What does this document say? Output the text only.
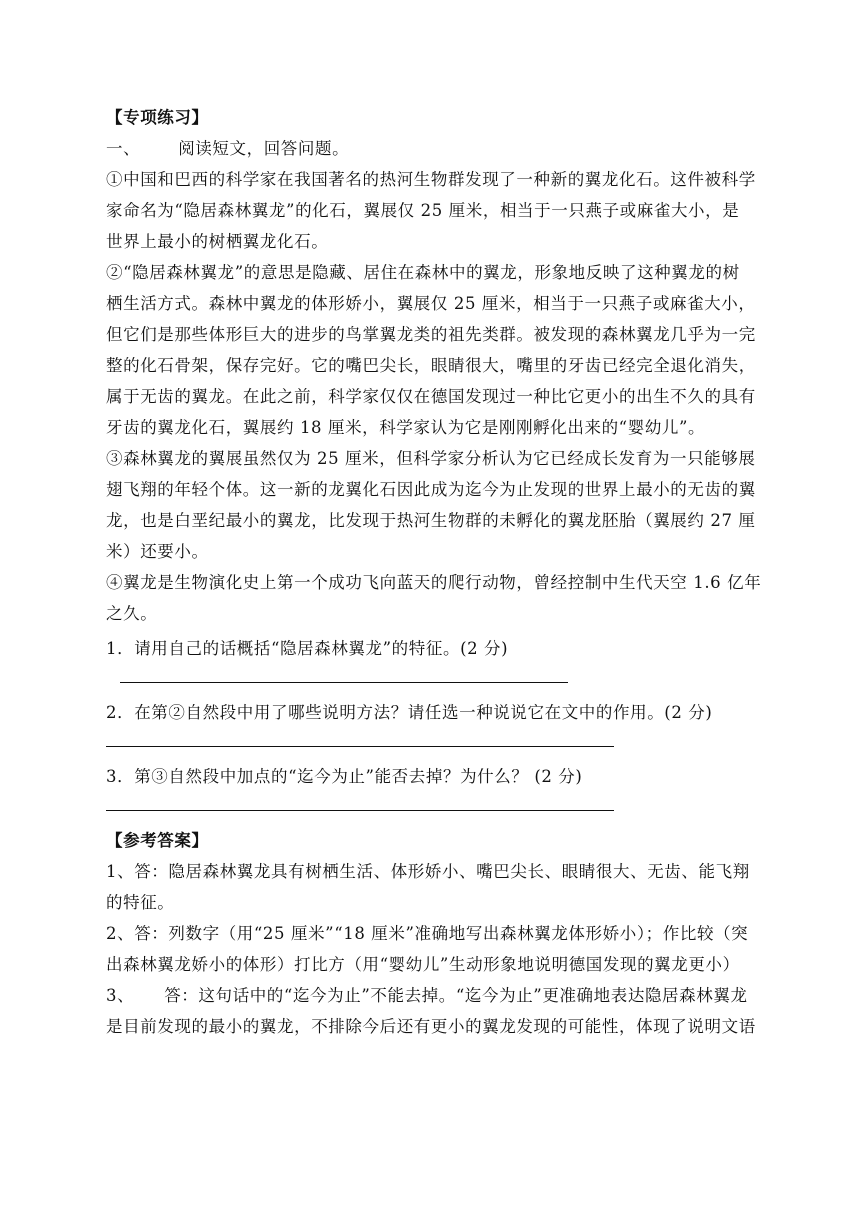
【专项练习】
一、 阅读短文，回答问题。
①中国和巴西的科学家在我国著名的热河生物群发现了一种新的翼龙化石。这件被科学
家命名为“隐居森林翼龙”的化石，翼展仅 25 厘米，相当于一只燕子或麻雀大小，是
世界上最小的树栖翼龙化石。
②“隐居森林翼龙”的意思是隐藏、居住在森林中的翼龙，形象地反映了这种翼龙的树
栖生活方式。森林中翼龙的体形娇小，翼展仅 25 厘米，相当于一只燕子或麻雀大小，
但它们是那些体形巨大的进步的鸟掌翼龙类的祖先类群。被发现的森林翼龙几乎为一完
整的化石骨架，保存完好。它的嘴巴尖长，眼睛很大，嘴里的牙齿已经完全退化消失，
属于无齿的翼龙。在此之前，科学家仅仅在德国发现过一种比它更小的出生不久的具有
牙齿的翼龙化石，翼展约 18 厘米，科学家认为它是刚刚孵化出来的“婴幼儿”。
③森林翼龙的翼展虽然仅为 25 厘米，但科学家分析认为它已经成长发育为一只能够展
翅飞翔的年轻个体。这一新的龙翼化石因此成为迄今为止发现的世界上最小的无齿的翼
龙，也是白垩纪最小的翼龙，比发现于热河生物群的未孵化的翼龙胚胎（翼展约 27 厘
米）还要小。
④翼龙是生物演化史上第一个成功飞向蓝天的爬行动物，曾经控制中生代天空 1.6 亿年
之久。
1．请用自己的话概括“隐居森林翼龙”的特征。(2 分)
2．在第②自然段中用了哪些说明方法？请任选一种说说它在文中的作用。(2 分)
3．第③自然段中加点的“迄今为止”能否去掉？为什么？ (2 分)
【参考答案】
1、答：隐居森林翼龙具有树栖生活、体形娇小、嘴巴尖长、眼睛很大、无齿、能飞翔
的特征。
2、答：列数字（用“25 厘米”“18 厘米”准确地写出森林翼龙体形娇小）；作比较（突
出森林翼龙娇小的体形）打比方（用“婴幼儿”生动形象地说明德国发现的翼龙更小）
3、 答：这句话中的“迄今为止”不能去掉。“迄今为止”更准确地表达隐居森林翼龙
是目前发现的最小的翼龙，不排除今后还有更小的翼龙发现的可能性，体现了说明文语
